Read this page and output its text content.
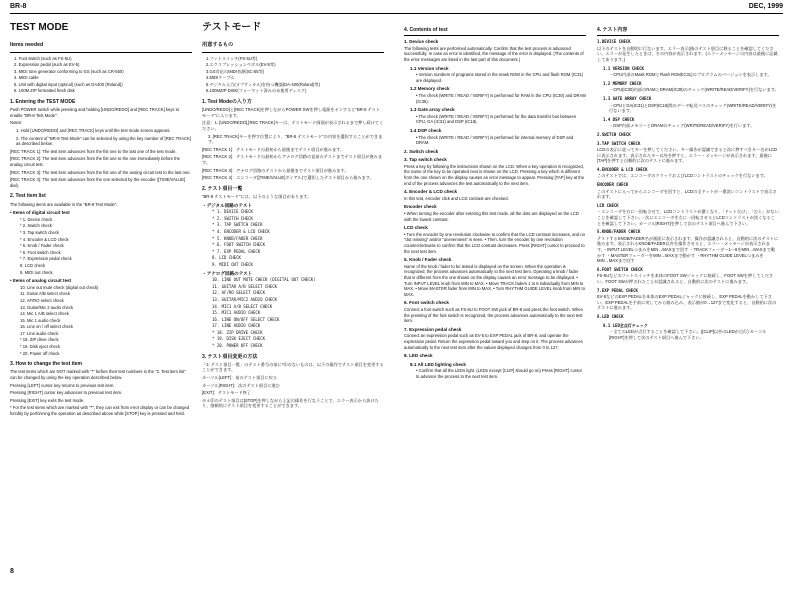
BR-8	DEC, 1999
TEST MODE
Items needed
1. Foot switch (such as FS-5U)
2. Expression pedal (such as EV-5)
3. MIDI tone generator conforming to GS (such as CR-550)
4. MIDI cable
5. Unit with digital input (optical) (such as DA400 (Roland))
6. 100M ZIP formatted fresh disk
1. Entering the TEST MODE
Push POWER switch while pressing and holding [UNDO/REDO] and [REC TRACK] keys to enable "BR-8 Test Mode".
Notes:
1. Hold [UNDO/REDO] and [REC TRACK] keys until the test mode screen appears.
2. The content of "BR-8 Test Mode" can be selected by using the key number of [REC TRACK] as described below.
[REC TRACK 1]: The test item advances from the fist one to the last one of the test mode.
[REC TRACK 2]: The test item advances from the fist one to the one immediately before the analog circuit test.
[REC TRACK 3]: The test item advances from the fist one of the analog circuit test to the last one.
[REC TRACK 4]: The test item advances from the one selected by the encoder ([TIME/VALUE] dial).
2. Test item list
The following items are available in the "BR-8 Test Mode".
• Items of digital circuit test
* 1. Device check
* 2. Switch check
* 3. Tap switch check
* 4. Encoder & LCD check
* 5. Knob / Fader check
* 6. Foot switch check
* 7. Expression pedal check
8. LCD check
9. MIDI out check
• Items of analog circuit test
10. Line out mute check (digital out check)
11. Guitar A/B select check
12. AF/RO select check
13. Guitar/Mic 2 audio check
14. Mic 1 A/B select check
15. Mic 1 audio check
16. Line on / off select check
17. Line audio check
* 18. ZIP drive check
* 19. Disk eject check
* 20. Power off check
3. How to change the test item
The test items which are NOT marked with "*" before their test numbers in the "2. Test item list" can be changed by using the key operation described below.
Pressing [LEFT] cursor key returns to previous test item.
Pressing [RIGHT] cursor key advances to previous test item.
Pressing [EXIT] key exits the test mode.
* For the test items which are marked with "*", they can exit from error display or can be changed forcibly by performing the operation as described above while [STOP] key is pressed and held.
テストモード
用意するもの
1.フットスイッチ(FS-5U等)
2.エクスプレッションペダル(EV-5等)
3.GS対応のMIDI音源(SC-55等)
4.MIDIケーブル
5.デジタル入力(オプティカル)を持つ機器(DA-400(Roland)等)
6.100MZIP DISK(フォーマット済みの未使用ディスク)
1. Test Modeの入り方
[UNDO/REDO]と[REC TRACK]を押しながらPOWER SWを押し電源をオンすると"BR-8 テストモード"に入ります。
注意：1. [UNDO/REDO],[REC TRACK]キーは、テストモード画面が表示されるまで押し続けてください。
2. [REC TRACK]キーを押す位置により、"BR-8 テストモード"の内容を選択することができます。
[REC TRACK 1]：テストモードの最初から最後までテスト項目が進みます。
[REC TRACK 2]：テストモードの最初からアナログ回路の直前のテストまでテスト項目が進みます。
[REC TRACK 3]：アナログ回路のテストから最後までテスト項目が進みます。
[REC TRACK 4]：エンコーダ([TIME/VALUE]ダイアル)で選択したテスト項目から進みます。
2. テスト項目一覧
"BR-8 テストモード"には、以下のような項目があります。
・デジタル回路のテスト
* 1. DEVICE CHECK
* 2. SWITCH CHECK
* 3. TAP SWITCH CHECK
* 4. ENCODER & LCD CHECK
* 5. KNOB/FADER CHECK
* 6. FOOT SWITCH CHECK
* 7. EXP PEDAL CHECK
8. LCD CHECK
9. MIDI OUT CHECK
・アナログ回路のテスト
10. LINE OUT MUTE CHECK (DIGITAL OUT CHECK)
11. GUITAR A/B SELECT CHECK
12. AF/RO SELECT CHECK
13. GUITAR/MIC2 AUDIO CHECK
14. MIC1 A/B SELECT CHECK
15. MIC1 AUDIO CHECK
16. LINE ON/OFF SELECT CHECK
17. LINE AUDIO CHECK
* 18. ZIP DRIVE CHECK
* 19. DISK EJECT CHECK
* 20. POWER OFF CHECK
3. テスト項目変更の方法
「2. テスト項目一覧」のテスト番号の前に*印のないものは、以下の操作でテスト項目を変更することができます。
カーソル[LEFT]：前のテスト項目に戻る
カーソル[RIGHT]：次のテスト項目に進む
[EXIT]：テストモード終了
※＊印のテスト項目は[STOP]を押しながら上記の操作を行なうことで、エラー表示から抜けたり、強制的にテスト項目を変更することができます。
4. Contents of test
1. Device check
The following tests are performed automatically. Confirm that the test process is advanced successfully. In case an error is identified, the message of the error is displayed. (The contents of the error messages are listed in the last part of this document.)
1.1 Version check
• Version numbers of programs stored in the mask ROM in the CPU and flash ROM (IC31) are displayed.
1.2 Memory check
• The check (WRITE / READ / VERIFY) is performed for RAM in the CPU (IC30) and DRAM (IC35).
1.3 Gate array check
• The check (WRITE / READ / VERIFY) is performed for the data transfer bus between CPU, GA (IC31) and DSP (IC18).
1.4 DSP check
• The check (WRITE / READ / VERIFY) is performed for internal memory of DSP and DRAM.
2. Switch check
3. Tap switch check
Press a key by following the instructions shown on the LCD. When a key operation is recognized, the name of the key to be operated next is shown on the LCD. Pressing a key which is different from the one shown on the display causes an error message to appear. Pressing [TAP] key at the end of the process advances the test automatically to the next item.
4. Encoder & LCD check
In this test, encoder click and LCD contrast are checked.
Encoder check
• When turning the encoder after entering this test mode, all the dots are displayed on the LCD with the lowest contrast.
LCD check
• Turn the encoder by one revolution clockwise to confirm that the LCD contrast increases, and no "dot missing" and/or "unevenness" is seen. • Then, turn the encoder by one revolution counterclockwise to confirm that the LCD contrast decreases. Press [RIGHT] cursor to proceed to the next test item.
5. Knob / Fader check
Name of the knob / fader to be tested is displayed on the screen. When the operation is recognized, the process advances automatically to the next test item. Operating a knob / fader that is different from the one shown on the display causes an error message to be displayed. • Turn INPUT LEVEL knob from MIN to MAX. • Move TRACK faders 1 to 8 individually from MIN to MAX. • Move MASTER fader from MIN to MAX. • Turn RHYTHM GUIDE LEVEL knob from MIN to MAX.
6. Foot switch check
Connect a foot switch such as FS-5U to FOOT SW jack of BR-8 and press the foot switch. When the pressing of the foot switch is recognized, the process advances automatically to the next test item.
7. Expression pedal check
Connect an expression pedal such as EV-5 to EXP PEDAL jack of BR-8, and operate the expression pedal. Return the expression pedal toward you and step on it. The process advances automatically to the next test item after the values displayed changes from 0 to 127.
8. LED check
8.1 All LED lighting check
• Confirm that all the LEDs light. (LEDs except [CLIP] should go on) Press [RIGHT] cursor to advance the process to the next test item.
4. テスト内容
1.DEVICE CHECK
以下のテストを自動的に行ないます。エラー表示(後のテスト項目に移ることを確認してください。エラーが発生したときは、その内容が表示されます。(エラーメッセージの内容は最後に記載してあります。)
1.1 VERSION CHECK
・CPU内部のMask ROMとFlash ROM(IC31)のプログラムのバージョンを表示します。
1.2 MEMORY CHECK
・CPU(IC30)内部のRAMとDRAM(IC35)のチェック(WRITE/READ/VERIFY)を行ないます。
1.3 GATE ARRAY CHECK
・CPUとGA(IC31)とDSP(IC18)間のデータ転送バスのチェック(WRITE/READ/VERIFY)を行ないます。
1.4 DSP CHECK
・DSP内部メモリーとDRAMのチェック(WRITE/READ/VERIFY)を行います。
2.SWITCH CHECK
3.TAP SWITCH CHECK
LCDの表示に従ってキーを押してください。キー操作が認識できると次に押すべきキー名がLCDに表示されます。表示されたキー以外を押すと、エラー・メッセージが表示されます。最後に[TAP]を押すと自動的に次のテストに進みます。
4.ENCODER & LCD CHECK
このテストでは、エンコーダのクリックおよびLCDコントラストのチェックを行ないます。
ENCODER CHECK
このテストに入ってからエンコーダを回すと、LCDの全ドットが一番淡いコントラストで表示されます。
LCD CHECK
・エンコーダを右に一回転させて、LCDコントラストが濃くなり、「ドット欠け」、「むら」がないことを確認して下さい。・次にエンコーダを左に一回転させるとLCDコントラストが淡くなることを確認して下さい。カーソル[RIGHT]を押して次のテスト項目へ進んで下さい。
5.KNOB/FADER CHECK
テストするKNOB/FADER名が画面に表示されます。操作が認識されると、自動的に次のテストに進みます。表示されるKNOB/FADER以外を操作させると、エラー・メッセージが表示されます。・INPUT LEVELつまみをMIN→MAXまで回す ・TRACKフェーダー1〜8をMIN→MAXまで動かす ・MASTERフェーダーをMIN→MAXまで動かす ・RHYTHM GUIDE LEVELつまみをMIN→MAXまで回す
6.FOOT SWITCH CHECK
FS-5Uなどのフットスイッチを本体のFOOT SWジャックに接続し、FOOT SWを押してください。FOOT SWが押されたことが認識されると、自動的に次のテストに進みます。
7.EXP PEDAL CHECK
EV-5などのEXP PEDALを本体のEXP PEDALジャックに接続し、EXP PEDALを動かして下さい。EXP PEDALを手前に戻してから踏み込み、表示値が0→127まで変化すると、自動的に次のテストに進みます。
8.LED CHECK
8.1 LED全点灯チェック
・全てのLEDが点灯することを確認して下さい。([CLIP]以外のLEDが点灯) カーソル[RIGHT]を押して次のテスト項目へ進んで下さい。
8
